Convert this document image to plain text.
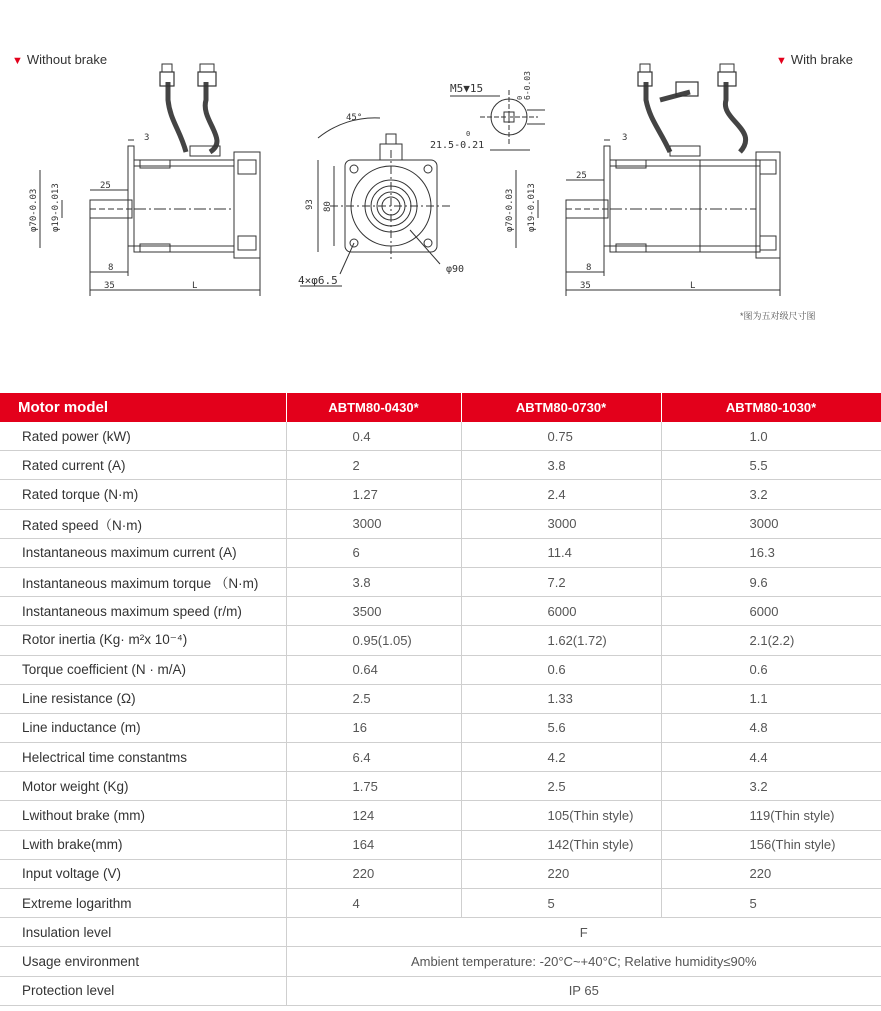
▼ Without brake	▼ With brake
φ70-0.03 φ19-0.013	25
3
8
35	L
45°
93 80
4×φ6.5
φ90
M5▼15
0 6-0.03
0
21.5-0.21
φ70-0.03 φ19-0.013
25
3
8
35	L
*图为五对级尺寸图
Motor model	ABTM80-0430*	ABTM80-0730*	ABTM80-1030*
Rated power (kW)	0.4	0.75	1.0
Rated current (A)	2	3.8	5.5
Rated torque (N·m)	1.27	2.4	3.2
Rated speed（N·m)	3000	3000	3000
Instantaneous maximum current (A)	6	11.4	16.3
Instantaneous maximum torque （N·m)	3.8	7.2	9.6
Instantaneous maximum speed (r/m)	3500	6000	6000
Rotor inertia (Kg· m²x 10⁻⁴)	0.95(1.05)	1.62(1.72)	2.1(2.2)
Torque coefficient (N · m/A)	0.64	0.6	0.6
Line resistance (Ω)	2.5	1.33	1.1
Line inductance (m)	16	5.6	4.8
Helectrical time constantms	6.4	4.2	4.4
Motor weight (Kg)	1.75	2.5	3.2
Lwithout brake (mm)	124	105(Thin style)	119(Thin style)
Lwith brake(mm)	164	142(Thin style)	156(Thin style)
Input voltage (V)	220	220	220
Extreme logarithm	4	5	5
Insulation level	F		
Usage environment	Ambient temperature: -20°C~+40°C; Relative humidity≤90%		
Protection level	IP 65		
